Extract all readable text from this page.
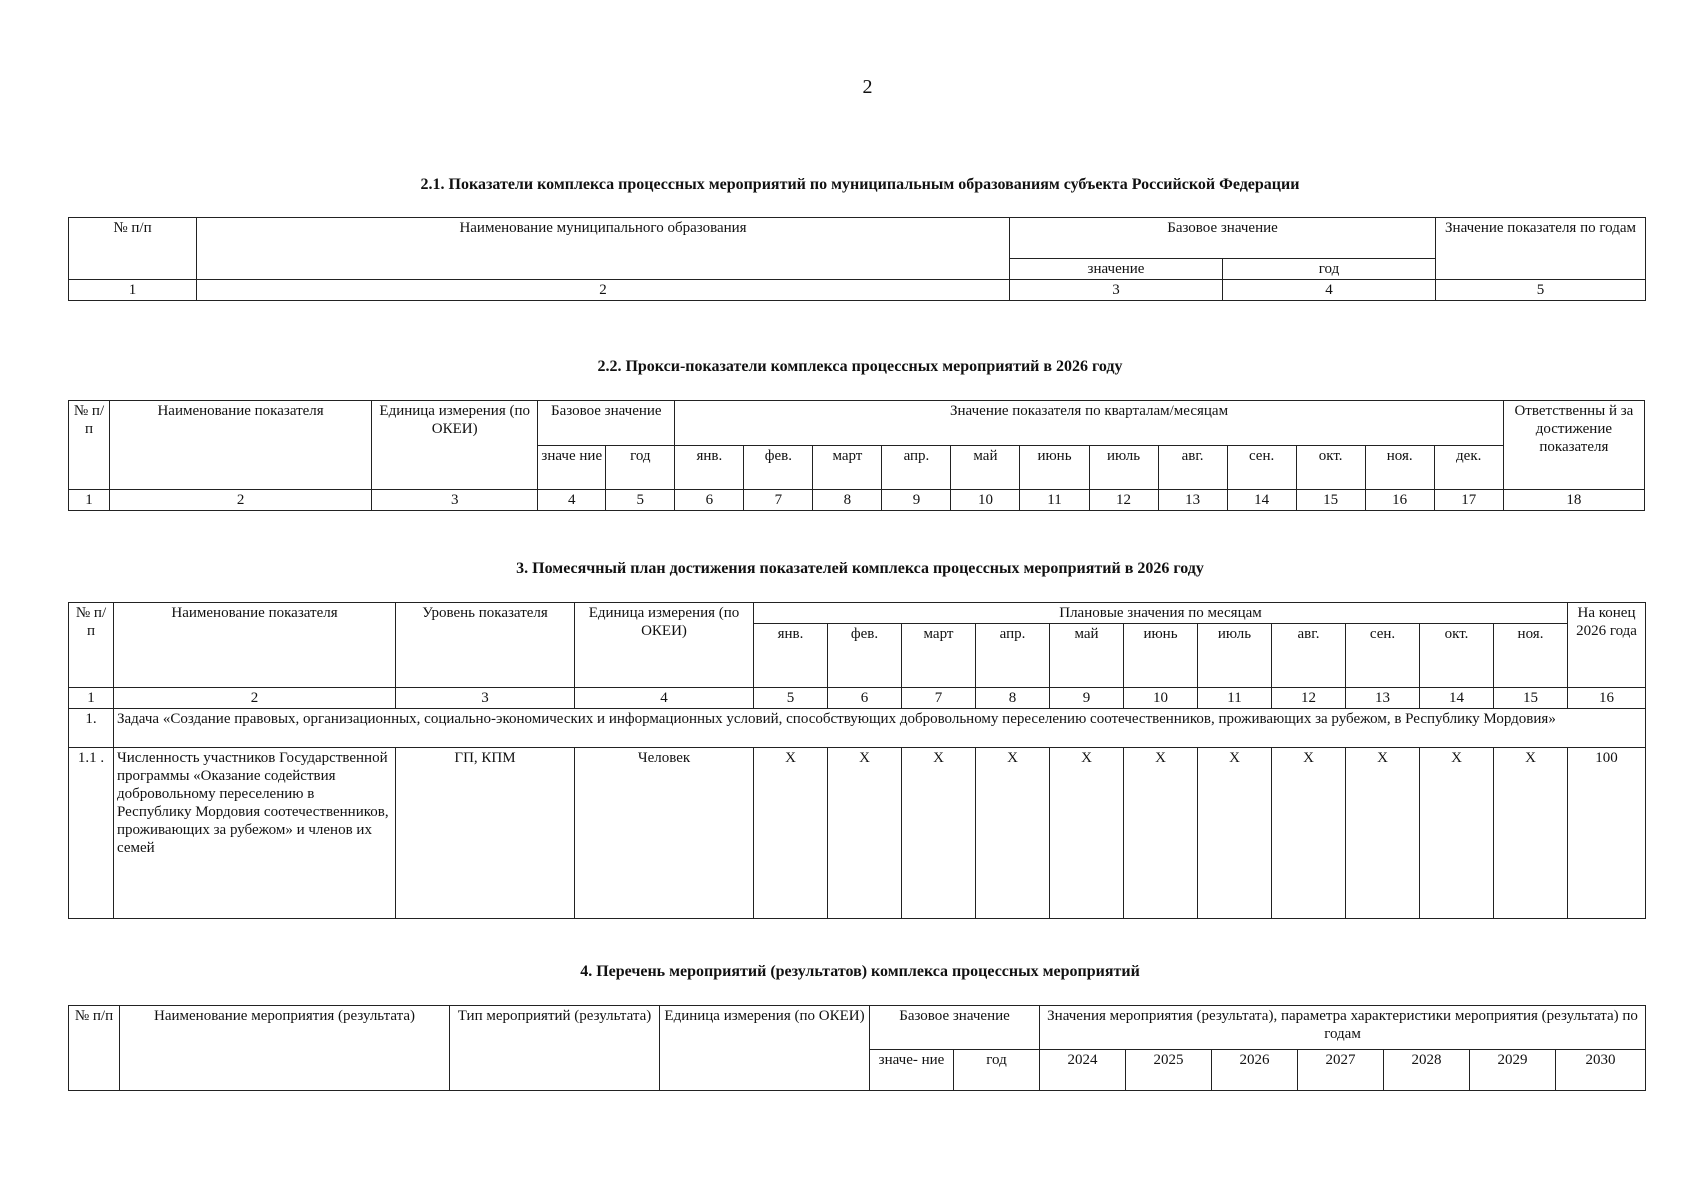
2
2.1. Показатели комплекса процессных мероприятий по муниципальным образованиям субъекта Российской Федерации
№ п/п	Наименование муниципального образования	Базовое значение		Значение показателя по годам
		значение	год	
1	2	3	4	5
2.2. Прокси-показатели комплекса процессных мероприятий в 2026 году
№ п/ п	Наименование показателя	Единица измерения (по ОКЕИ)	Базовое значение		Значение показателя по кварталам/месяцам												Ответственны й за достижение показателя
			значе ние	год	янв.	фев.	март	апр.	май	июнь	июль	авг.	сен.	окт.	ноя.	дек.	
1	2	3	4	5	6	7	8	9	10	11	12	13	14	15	16	17	18
3. Помесячный план достижения показателей комплекса процессных мероприятий в 2026 году
№ п/ п	Наименование показателя	Уровень показателя	Единица измерения (по ОКЕИ)	Плановые значения по месяцам											На конец 2026 года
				янв.	фев.	март	апр.	май	июнь	июль	авг.	сен.	окт.	ноя.	
1	2	3	4	5	6	7	8	9	10	11	12	13	14	15	16
1.	Задача «Создание правовых, организационных, социально-экономических и информационных условий, способствующих добровольному переселению соотечественников, проживающих за рубежом, в Республику Мордовия»														
1.1 .	Численность участников Государственной программы «Оказание содействия добровольному переселению в Республику Мордовия соотечественников, проживающих за рубежом» и членов их семей	ГП, КПМ	Человек	Х	Х	Х	Х	Х	Х	Х	Х	Х	Х	Х	100
4. Перечень мероприятий (результатов) комплекса процессных мероприятий
№ п/п	Наименование мероприятия (результата)	Тип мероприятий (результата)	Единица измерения (по ОКЕИ)	Базовое значение		Значения мероприятия (результата), параметра характеристики мероприятия (результата) по годам						
				значе- ние	год	2024	2025	2026	2027	2028	2029	2030
